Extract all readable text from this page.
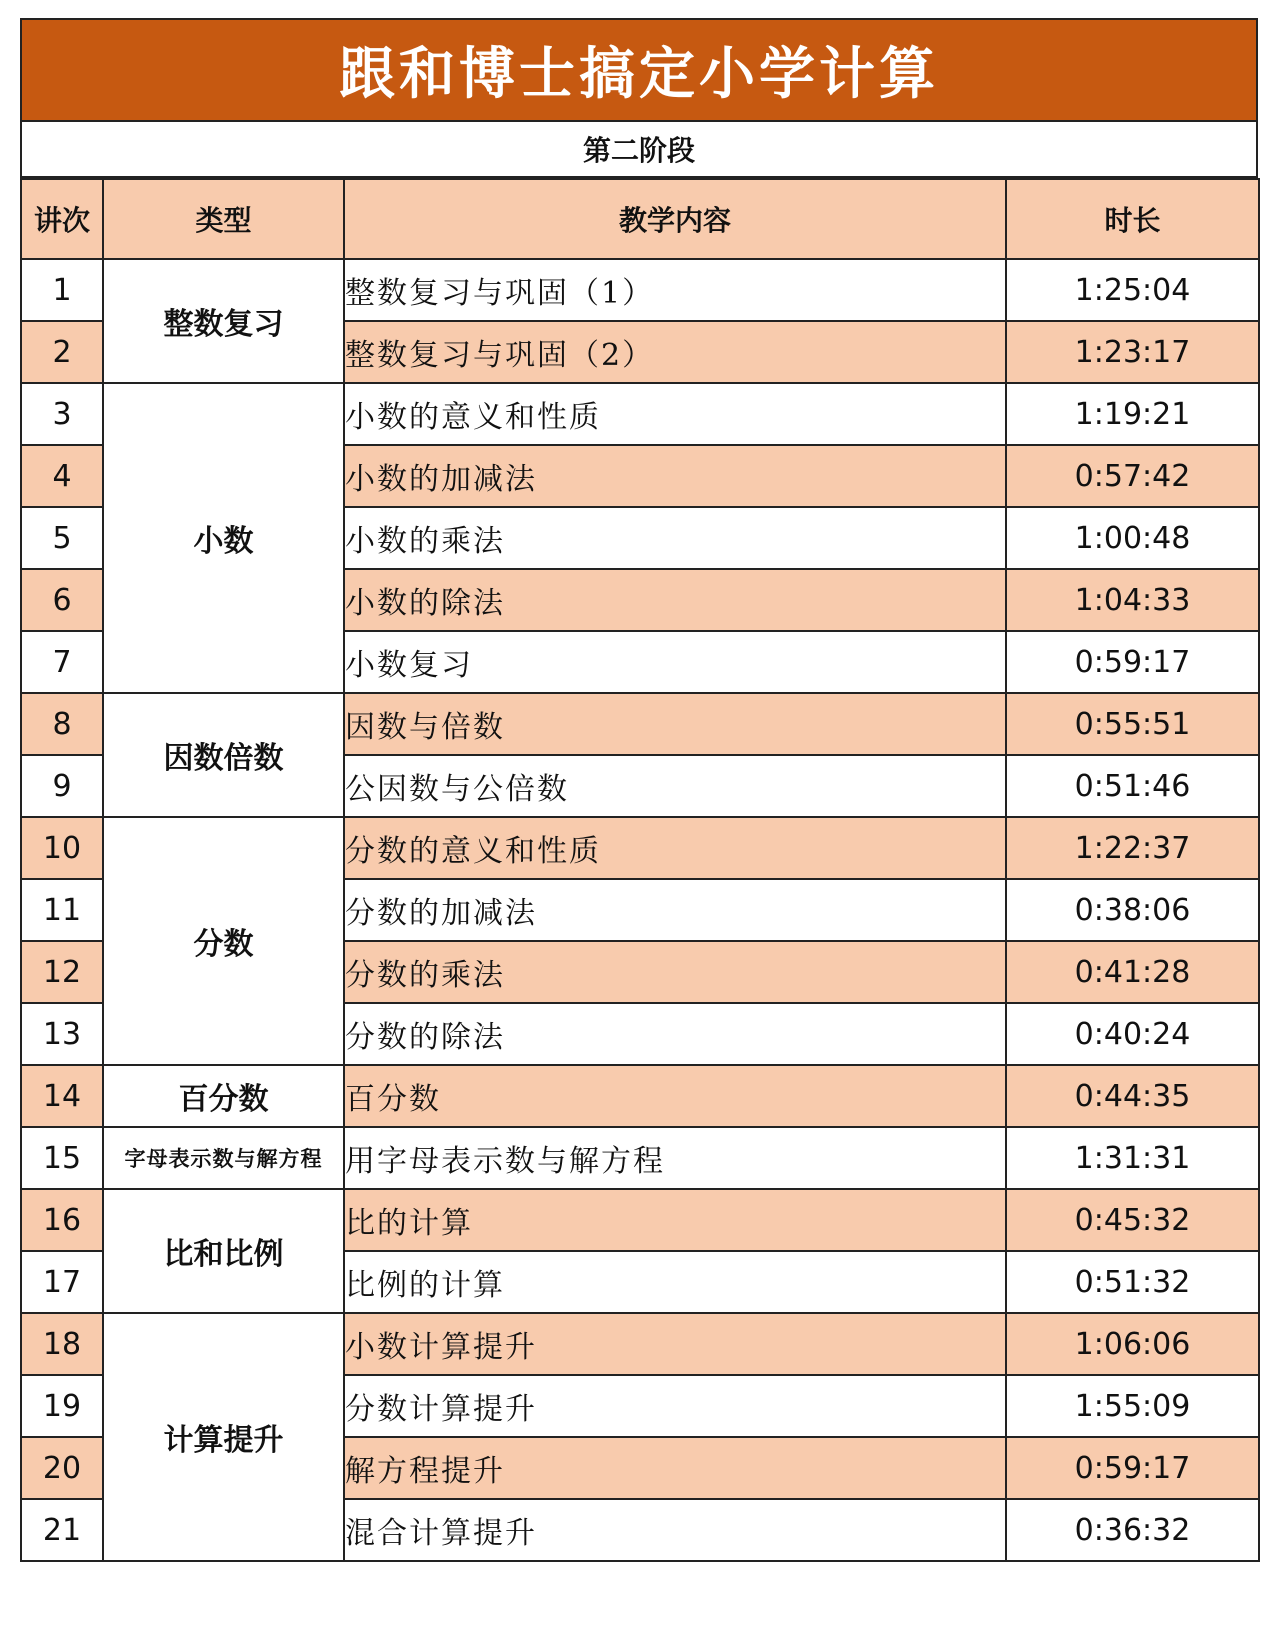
跟和博士搞定小学计算
第二阶段
讲次	类型	教学内容	时长
1	整数复习	整数复习与巩固（1）	1:25:04
2		整数复习与巩固（2）	1:23:17
3	小数	小数的意义和性质	1:19:21
4		小数的加减法	0:57:42
5		小数的乘法	1:00:48
6		小数的除法	1:04:33
7		小数复习	0:59:17
8	因数倍数	因数与倍数	0:55:51
9		公因数与公倍数	0:51:46
10	分数	分数的意义和性质	1:22:37
11		分数的加减法	0:38:06
12		分数的乘法	0:41:28
13		分数的除法	0:40:24
14	百分数	百分数	0:44:35
15	字母表示数与解方程	用字母表示数与解方程	1:31:31
16	比和比例	比的计算	0:45:32
17		比例的计算	0:51:32
18	计算提升	小数计算提升	1:06:06
19		分数计算提升	1:55:09
20		解方程提升	0:59:17
21		混合计算提升	0:36:32
